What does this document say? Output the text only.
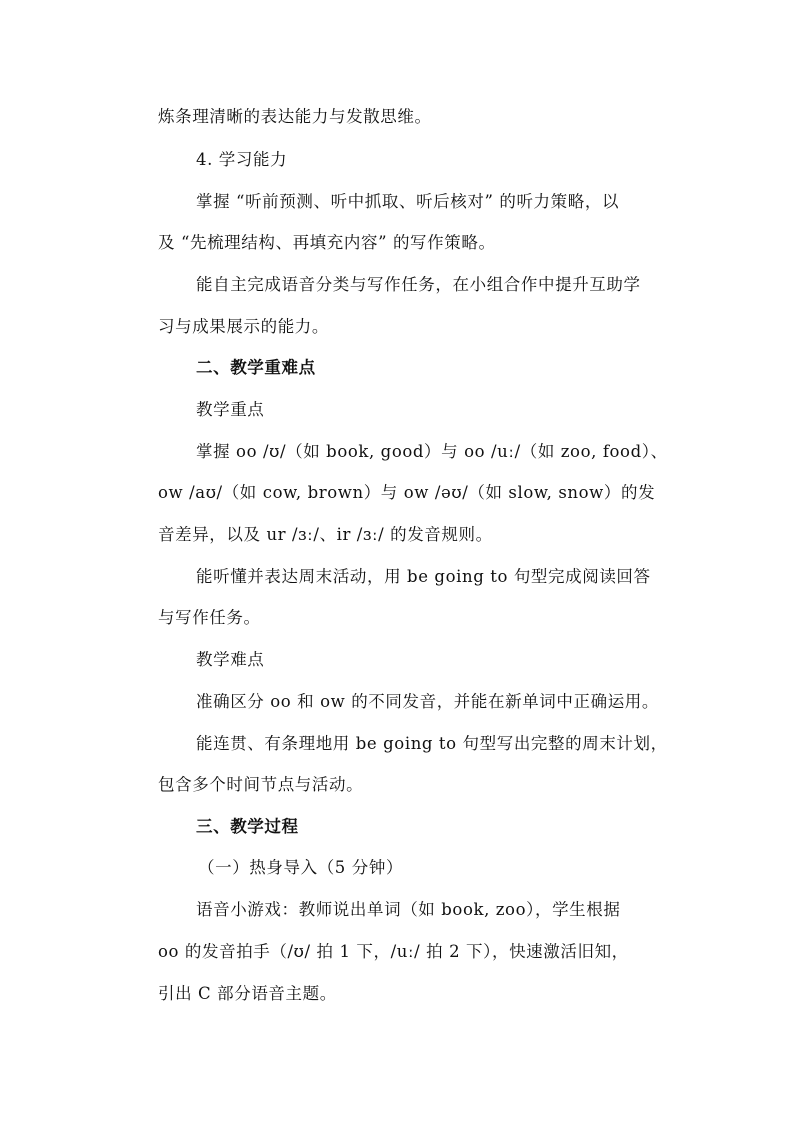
炼条理清晰的表达能力与发散思维。
4. 学习能力
掌握 “听前预测、听中抓取、听后核对” 的听力策略，以
及 “先梳理结构、再填充内容” 的写作策略。
能自主完成语音分类与写作任务，在小组合作中提升互助学
习与成果展示的能力。
二、教学重难点
教学重点
掌握 oo /ʊ/（如 book, good）与 oo /uː/（如 zoo, food）、
ow /aʊ/（如 cow, brown）与 ow /əʊ/（如 slow, snow）的发
音差异，以及 ur /ɜː/、ir /ɜː/ 的发音规则。
能听懂并表达周末活动，用 be going to 句型完成阅读回答
与写作任务。
教学难点
准确区分 oo 和 ow 的不同发音，并能在新单词中正确运用。
能连贯、有条理地用 be going to 句型写出完整的周末计划，
包含多个时间节点与活动。
三、教学过程
（一）热身导入（5 分钟）
语音小游戏：教师说出单词（如 book, zoo），学生根据
oo 的发音拍手（/ʊ/ 拍 1 下，/uː/ 拍 2 下），快速激活旧知，
引出 C 部分语音主题。
